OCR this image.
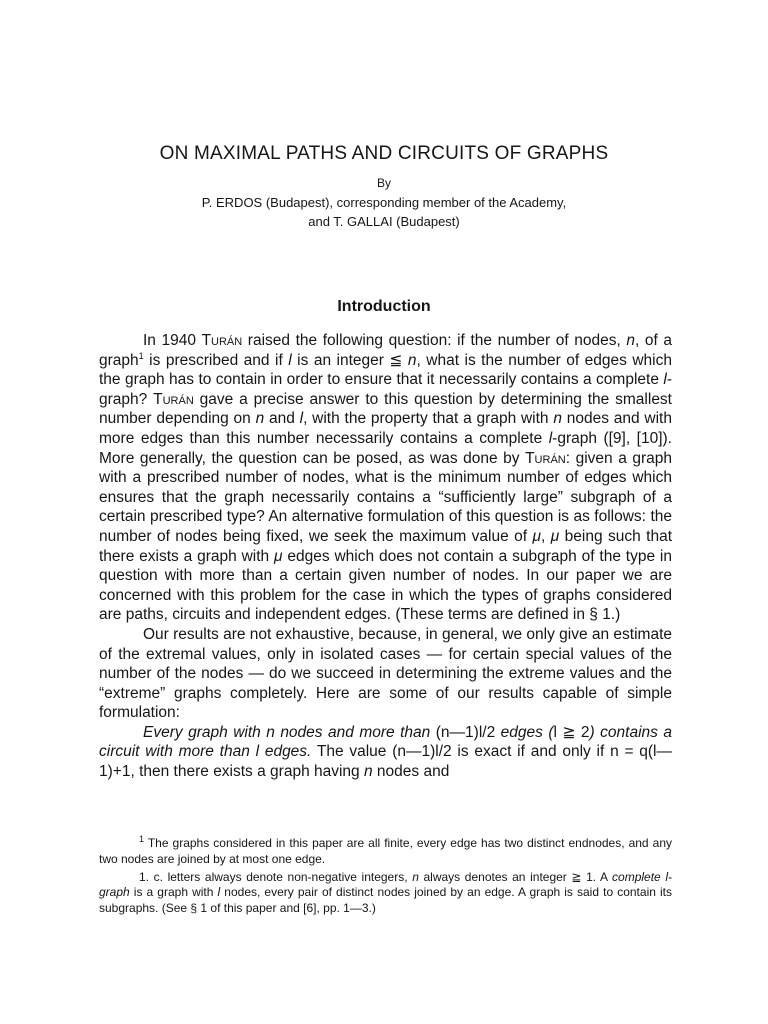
ON MAXIMAL PATHS AND CIRCUITS OF GRAPHS
By
P. ERDOS (Budapest), corresponding member of the Academy,
and T. GALLAI (Budapest)
Introduction

In 1940 Turán raised the following question: if the number of nodes, n, of a graph$^1$ is prescribed and if l is an integer ≦ n, what is the number of edges which the graph has to contain in order to ensure that it necessarily contains a complete l-graph? Turán gave a precise answer to this question by determining the smallest number depending on n and l, with the property that a graph with n nodes and with more edges than this number necessarily contains a complete l-graph ([9], [10]). More generally, the question can be posed, as was done by Turán: given a graph with a prescribed number of nodes, what is the minimum number of edges which ensures that the graph necessarily contains a “sufficiently large” subgraph of a certain prescribed type? An alternative formulation of this question is as follows: the number of nodes being fixed, we seek the maximum value of μ, μ being such that there exists a graph with μ edges which does not contain a subgraph of the type in question with more than a certain given number of nodes. In our paper we are concerned with this problem for the case in which the types of graphs considered are paths, circuits and independent edges. (These terms are defined in § 1.)

Our results are not exhaustive, because, in general, we only give an estimate of the extremal values, only in isolated cases — for certain special values of the number of the nodes — do we succeed in determining the extreme values and the “extreme” graphs completely. Here are some of our results capable of simple formulation:

Every graph with n nodes and more than (n—1)l/2 edges (l ≧ 2) contains a circuit with more than l edges. The value (n—1)l/2 is exact if and only if n = q(l—1)+1, then there exists a graph having n nodes and

$^1$ The graphs considered in this paper are all finite, every edge has two distinct endnodes, and any two nodes are joined by at most one edge.

1. c. letters always denote non-negative integers, n always denotes an integer ≧ 1. A complete l-graph is a graph with l nodes, every pair of distinct nodes joined by an edge. A graph is said to contain its subgraphs. (See § 1 of this paper and [6], pp. 1—3.)
